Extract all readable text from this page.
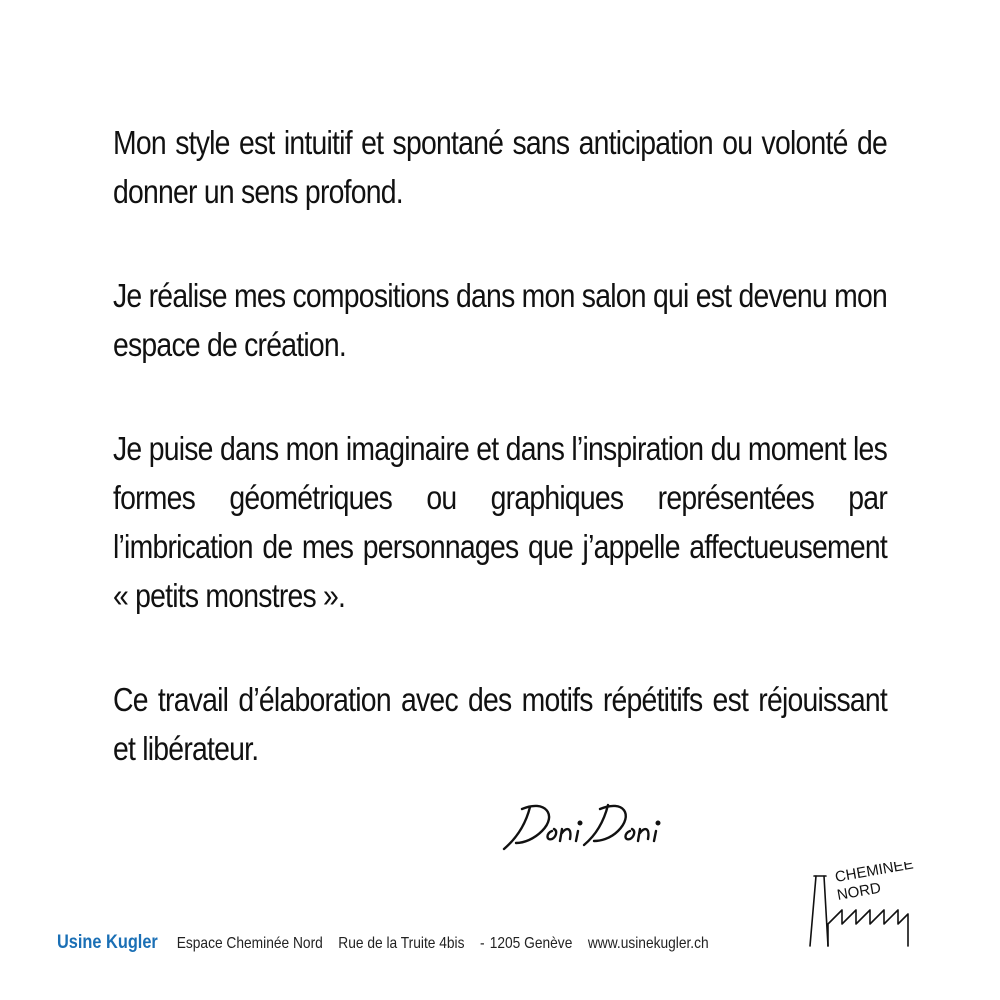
Mon style est intuitif et spontané sans anticipation ou volonté de donner un sens profond.

Je réalise mes compositions dans mon salon qui est devenu mon espace de création.

Je puise dans mon imaginaire et dans l’inspiration du moment les formes géométriques ou graphiques représentées par l’imbrication de mes personnages que j’appelle affectueusement « petits monstres ».

Ce travail d’élaboration avec des motifs répétitifs est réjouissant et libérateur.

CHEMINÉE
NORD
Usine Kugler Espace Cheminée Nord Rue de la Truite 4bis - 1205 Genève www.usinekugler.ch
